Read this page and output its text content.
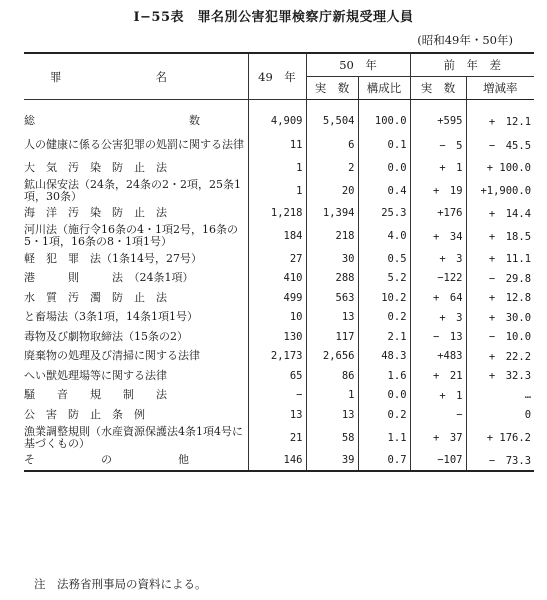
I−55表　罪名別公害犯罪検察庁新規受理人員
(昭和49年・50年)
罪 名	49　年	50　年		前　年　差	
		実　数	構成比	実　数	増減率
総　　　　　　　　　　　　　　数	4,909	5,504	100.0	+595	+　12.1
人の健康に係る公害犯罪の処罰に関する法律	11	6	0.1	−　5	−　45.5
大　気　汚　染　防　止　法	1	2	0.0	+　1	+ 100.0
鉱山保安法（24条，24条の2・2項，25条1項，30条）	1	20	0.4	+　19	+1,900.0
海　洋　汚　染　防　止　法	1,218	1,394	25.3	+176	+　14.4
河川法（施行令16条の4・1項2号，16条の5・1項，16条の8・1項1号）	184	218	4.0	+　34	+　18.5
軽　犯　罪　法（1条14号，27号）	27	30	0.5	+　3	+　11.1
港　　　則　　　法　（24条1項）	410	288	5.2	−122	−　29.8
水　質　汚　濁　防　止　法	499	563	10.2	+　64	+　12.8
と畜場法（3条1項，14条1項1号）	10	13	0.2	+　3	+　30.0
毒物及び劇物取締法（15条の2）	130	117	2.1	−　13	−　10.0
廃棄物の処理及び清掃に関する法律	2,173	2,656	48.3	+483	+　22.2
へい獣処理場等に関する法律	65	86	1.6	+　21	+　32.3
騒　　音　　規　　制　　法	−	1	0.0	+　1	…
公　害　防　止　条　例	13	13	0.2	−	0
漁業調整規則（水産資源保護法4条1項4号に基づくもの）	21	58	1.1	+　37	+ 176.2
そ　　　　　　の　　　　　　他	146	39	0.7	−107	−　73.3
注　法務省刑事局の資料による。
